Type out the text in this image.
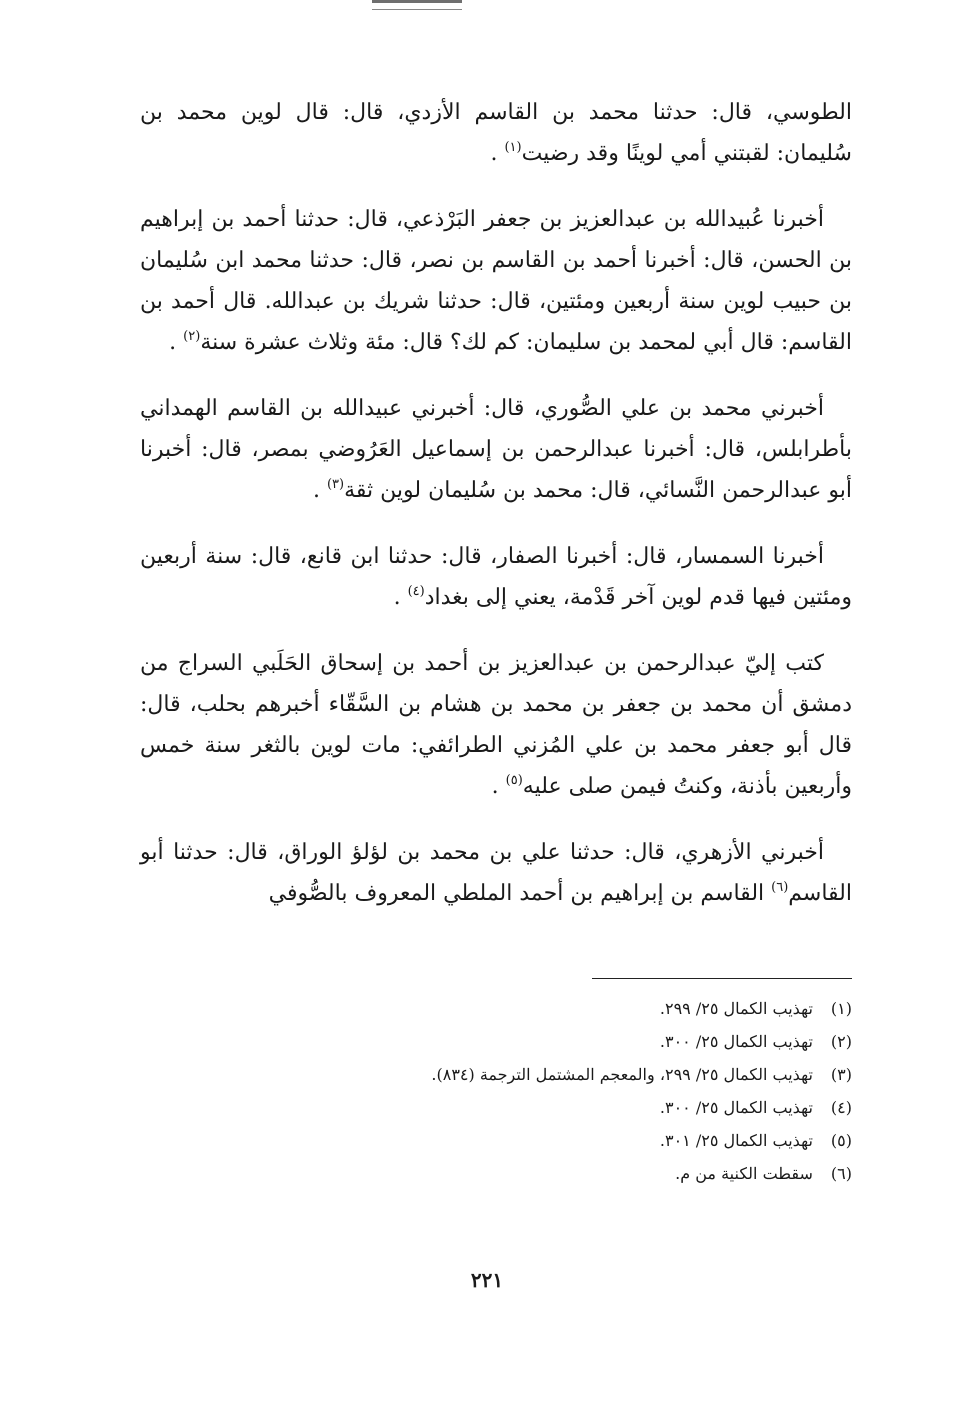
الطوسي، قال: حدثنا محمد بن القاسم الأزدي، قال: قال لوين محمد بن سُليمان: لقبتني أمي لوينًا وقد رضيت$^{(١)}$ .

أخبرنا عُبيدالله بن عبدالعزيز بن جعفر البَرْذعي، قال: حدثنا أحمد بن إبراهيم بن الحسن، قال: أخبرنا أحمد بن القاسم بن نصر، قال: حدثنا محمد ابن سُليمان بن حبيب لوين سنة أربعين ومئتين، قال: حدثنا شريك بن عبدالله. قال أحمد بن القاسم: قال أبي لمحمد بن سليمان: كم لك؟ قال: مئة وثلاث عشرة سنة$^{(٢)}$ .

أخبرني محمد بن علي الصُّوري، قال: أخبرني عبيدالله بن القاسم الهمداني بأطرابلس، قال: أخبرنا عبدالرحمن بن إسماعيل العَرُوضي بمصر، قال: أخبرنا أبو عبدالرحمن النَّسائي، قال: محمد بن سُليمان لوين ثقة$^{(٣)}$ .

أخبرنا السمسار، قال: أخبرنا الصفار، قال: حدثنا ابن قانع، قال: سنة أربعين ومئتين فيها قدم لوين آخر قَدْمة، يعني إلى بغداد$^{(٤)}$ .

كتب إليّ عبدالرحمن بن عبدالعزيز بن أحمد بن إسحاق الحَلَبي السراج من دمشق أن محمد بن جعفر بن محمد بن هشام بن السَّقّاء أخبرهم بحلب، قال: قال أبو جعفر محمد بن علي المُزني الطرائفي: مات لوين بالثغر سنة خمس وأربعين بأذنة، وكنتُ فيمن صلى عليه$^{(٥)}$ .

أخبرني الأزهري، قال: حدثنا علي بن محمد بن لؤلؤ الوراق، قال: حدثنا أبو القاسم$^{(٦)}$ القاسم بن إبراهيم بن أحمد الملطي المعروف بالصُّوفي

(١) تهذيب الكمال ٢٥/ ٢٩٩.
(٢) تهذيب الكمال ٢٥/ ٣٠٠.
(٣) تهذيب الكمال ٢٥/ ٢٩٩، والمعجم المشتمل الترجمة (٨٣٤).
(٤) تهذيب الكمال ٢٥/ ٣٠٠.
(٥) تهذيب الكمال ٢٥/ ٣٠١.
(٦) سقطت الكنية من م.
٢٢١
